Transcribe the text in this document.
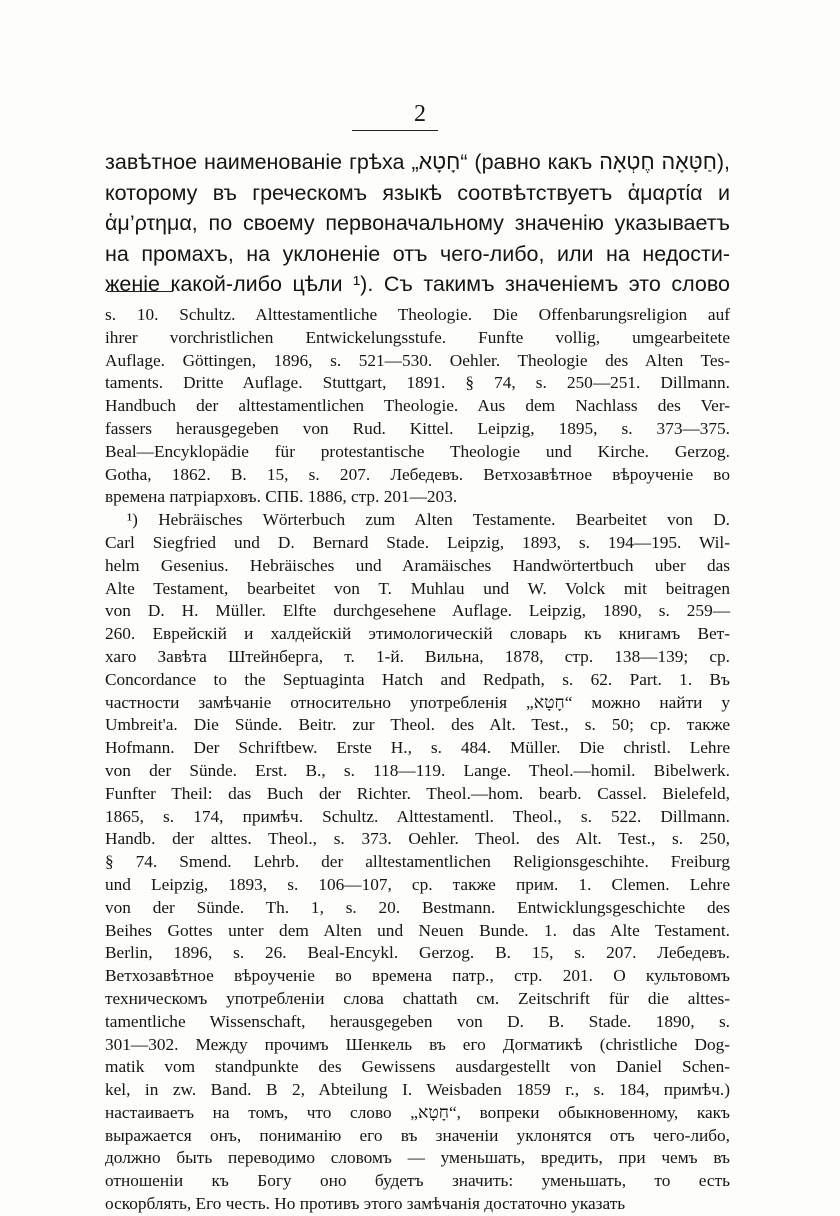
2
завѣтное наименованіе грѣха „חָטָא“ (равно какъ חַטָּאָה חֶטְאָה),
которому въ греческомъ языкѣ соотвѣтствуетъ ἁμαρτία и
ἁμ’ρτημα, по своему первоначальному значенію указываетъ
на промахъ, на уклоненіе отъ чего-либо, или на недости-
женіе какой-либо цѣли ¹). Съ такимъ значеніемъ это слово
s. 10. Schultz. Alttestamentliche Theologie. Die Offenbarungsreligion auf
ihrer vorchristlichen Entwickelungsstufe. Funfte vollig, umgearbeitete
Auflage. Göttingen, 1896, s. 521—530. Oehler. Theologie des Alten Tes-
taments. Dritte Auflage. Stuttgart, 1891. § 74, s. 250—251. Dillmann.
Handbuch der alttestamentlichen Theologie. Aus dem Nachlass des Ver-
fassers herausgegeben von Rud. Kittel. Leipzig, 1895, s. 373—375.
Beal—Encyklopädie für protestantische Theologie und Kirche. Gerzog.
Gotha, 1862. B. 15, s. 207. Лебедевъ. Ветхозавѣтное вѣроученіе во
времена патріарховъ. СПБ. 1886, стр. 201—203.
¹) Hebräisches Wörterbuch zum Alten Testamente. Bearbeitet von D.
Carl Siegfried und D. Bernard Stade. Leipzig, 1893, s. 194—195. Wil-
helm Gesenius. Hebräisches und Aramäisches Handwörtertbuch uber das
Alte Testament, bearbeitet von T. Muhlau und W. Volck mit beitragen
von D. H. Müller. Elfte durchgesehene Auflage. Leipzig, 1890, s. 259—
260. Еврейскій и халдейскій этимологическій словарь къ книгамъ Вет-
хаго Завѣта Штейнберга, т. 1-й. Вильна, 1878, стр. 138—139; ср.
Concordance to the Septuaginta Hatch and Redpath, s. 62. Part. 1. Въ
частности замѣчаніе относительно употребленія „חָטָא“ можно найти у
Umbreit'a. Die Sünde. Beitr. zur Theol. des Alt. Test., s. 50; ср. также
Hofmann. Der Schriftbew. Erste H., s. 484. Müller. Die christl. Lehre
von der Sünde. Erst. B., s. 118—119. Lange. Theol.—homil. Bibelwerk.
Funfter Theil: das Buch der Richter. Theol.—hom. bearb. Cassel. Bielefeld,
1865, s. 174, примѣч. Schultz. Alttestamentl. Theol., s. 522. Dillmann.
Handb. der alttes. Theol., s. 373. Oehler. Theol. des Alt. Test., s. 250,
§ 74. Smend. Lehrb. der alltestamentlichen Religionsgeschihte. Freiburg
und Leipzig, 1893, s. 106—107, ср. также прим. 1. Clemen. Lehre
von der Sünde. Th. 1, s. 20. Bestmann. Entwicklungsgeschichte des
Beihes Gottes unter dem Alten und Neuen Bunde. 1. das Alte Testament.
Berlin, 1896, s. 26. Beal-Encykl. Gerzog. B. 15, s. 207. Лебедевъ.
Ветхозавѣтное вѣроученіе во времена патр., стр. 201. О культовомъ
техническомъ употребленіи слова chattath см. Zeitschrift für die alttes-
tamentliche Wissenschaft, herausgegeben von D. B. Stade. 1890, s.
301—302. Между прочимъ Шенкель въ его Догматикѣ (christliche Dog-
matik vom standpunkte des Gewissens ausdargestellt von Daniel Schen-
kel, in zw. Band. B 2, Abteilung I. Weisbaden 1859 г., s. 184, примѣч.)
настаиваетъ на томъ, что слово „חָטָא“, вопреки обыкновенному, какъ
выражается онъ, пониманію его въ значеніи уклонятся отъ чего-либо,
должно быть переводимо словомъ — уменьшать, вредить, при чемъ въ
отношеніи къ Богу оно будетъ значить: уменьшать, то есть
оскорблять, Его честь. Но противъ этого замѣчанія достаточно указать
